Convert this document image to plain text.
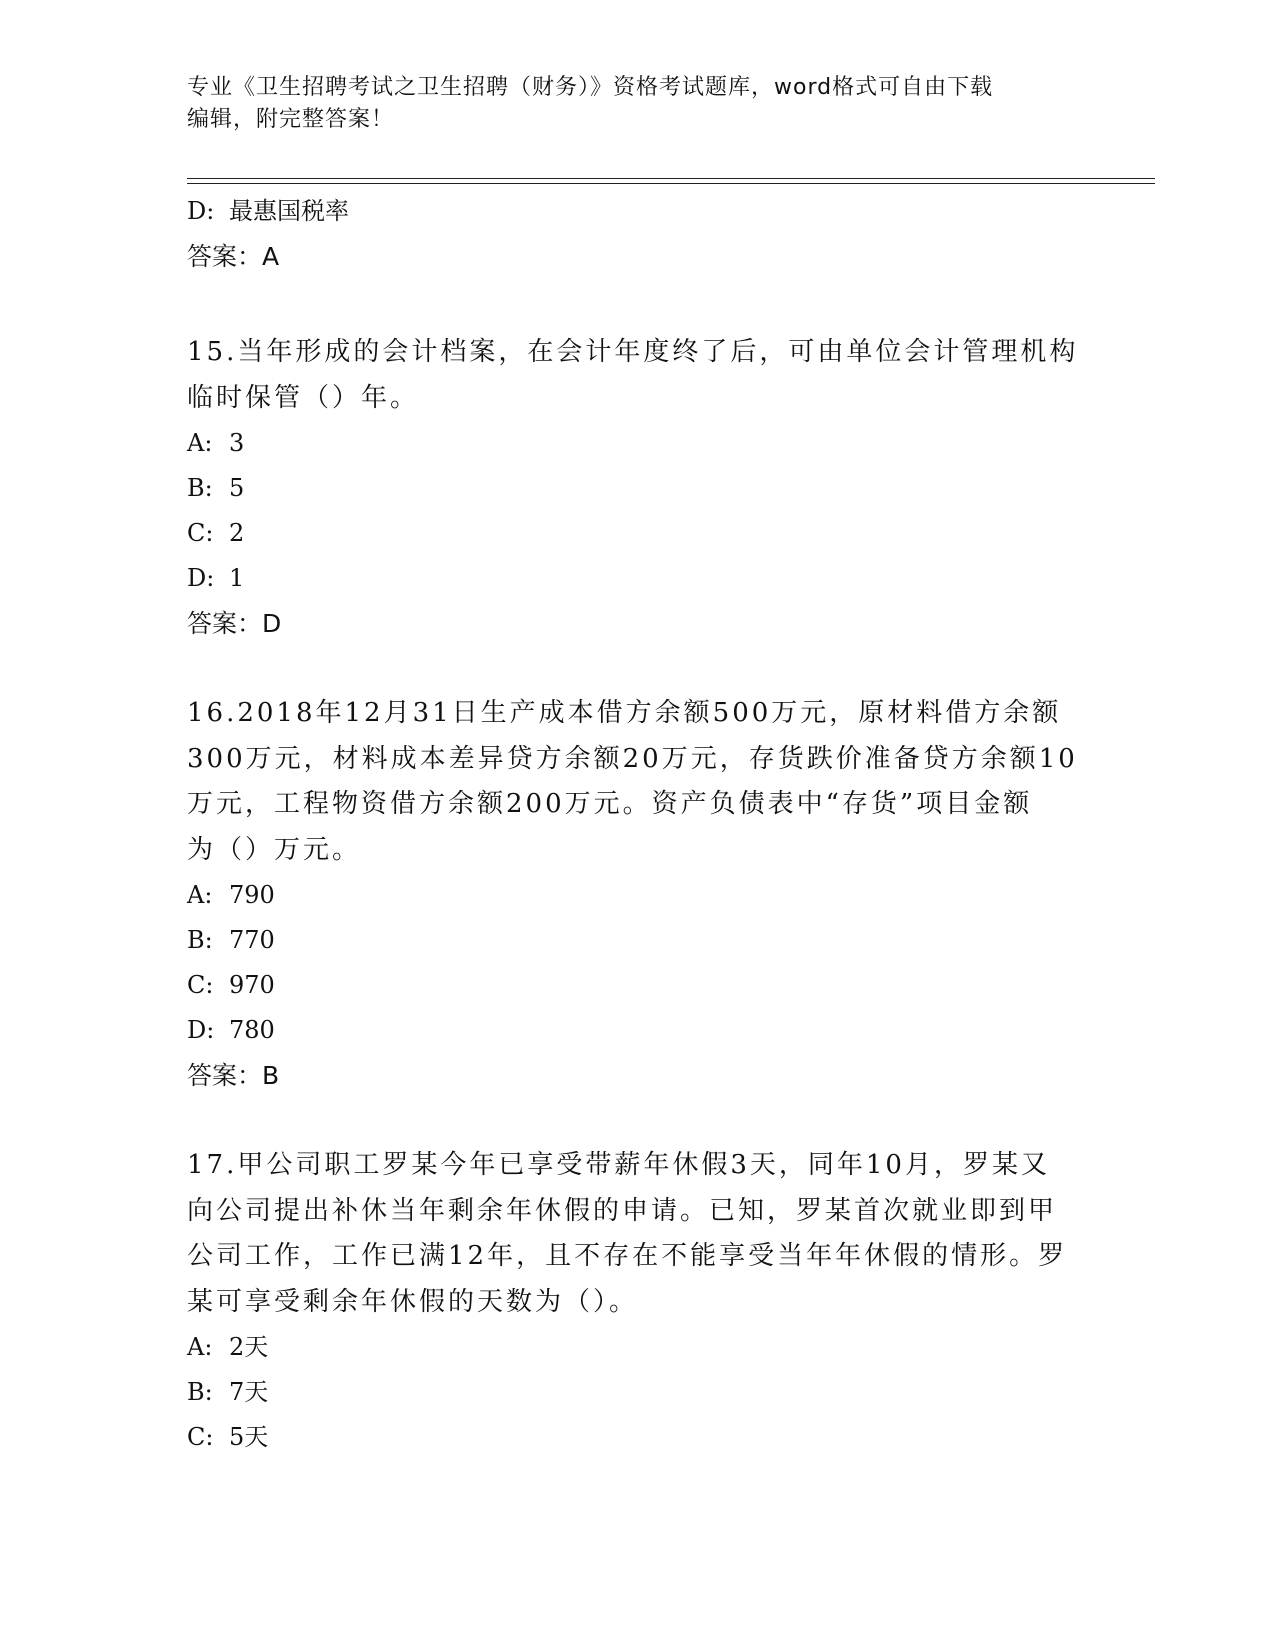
专业《卫生招聘考试之卫生招聘（财务）》资格考试题库，word格式可自由下载
编辑，附完整答案！
D: 最惠国税率
答案：A
15.当年形成的会计档案，在会计年度终了后，可由单位会计管理机构
临时保管（）年。
A: 3
B: 5
C: 2
D: 1
答案：D
16.2018年12月31日生产成本借方余额500万元，原材料借方余额
300万元，材料成本差异贷方余额20万元，存货跌价准备贷方余额10
万元，工程物资借方余额200万元。资产负债表中“存货”项目金额
为（）万元。
A: 790
B: 770
C: 970
D: 780
答案：B
17.甲公司职工罗某今年已享受带薪年休假3天，同年10月，罗某又
向公司提出补休当年剩余年休假的申请。已知，罗某首次就业即到甲
公司工作，工作已满12年，且不存在不能享受当年年休假的情形。罗
某可享受剩余年休假的天数为（）。
A: 2天
B: 7天
C: 5天
